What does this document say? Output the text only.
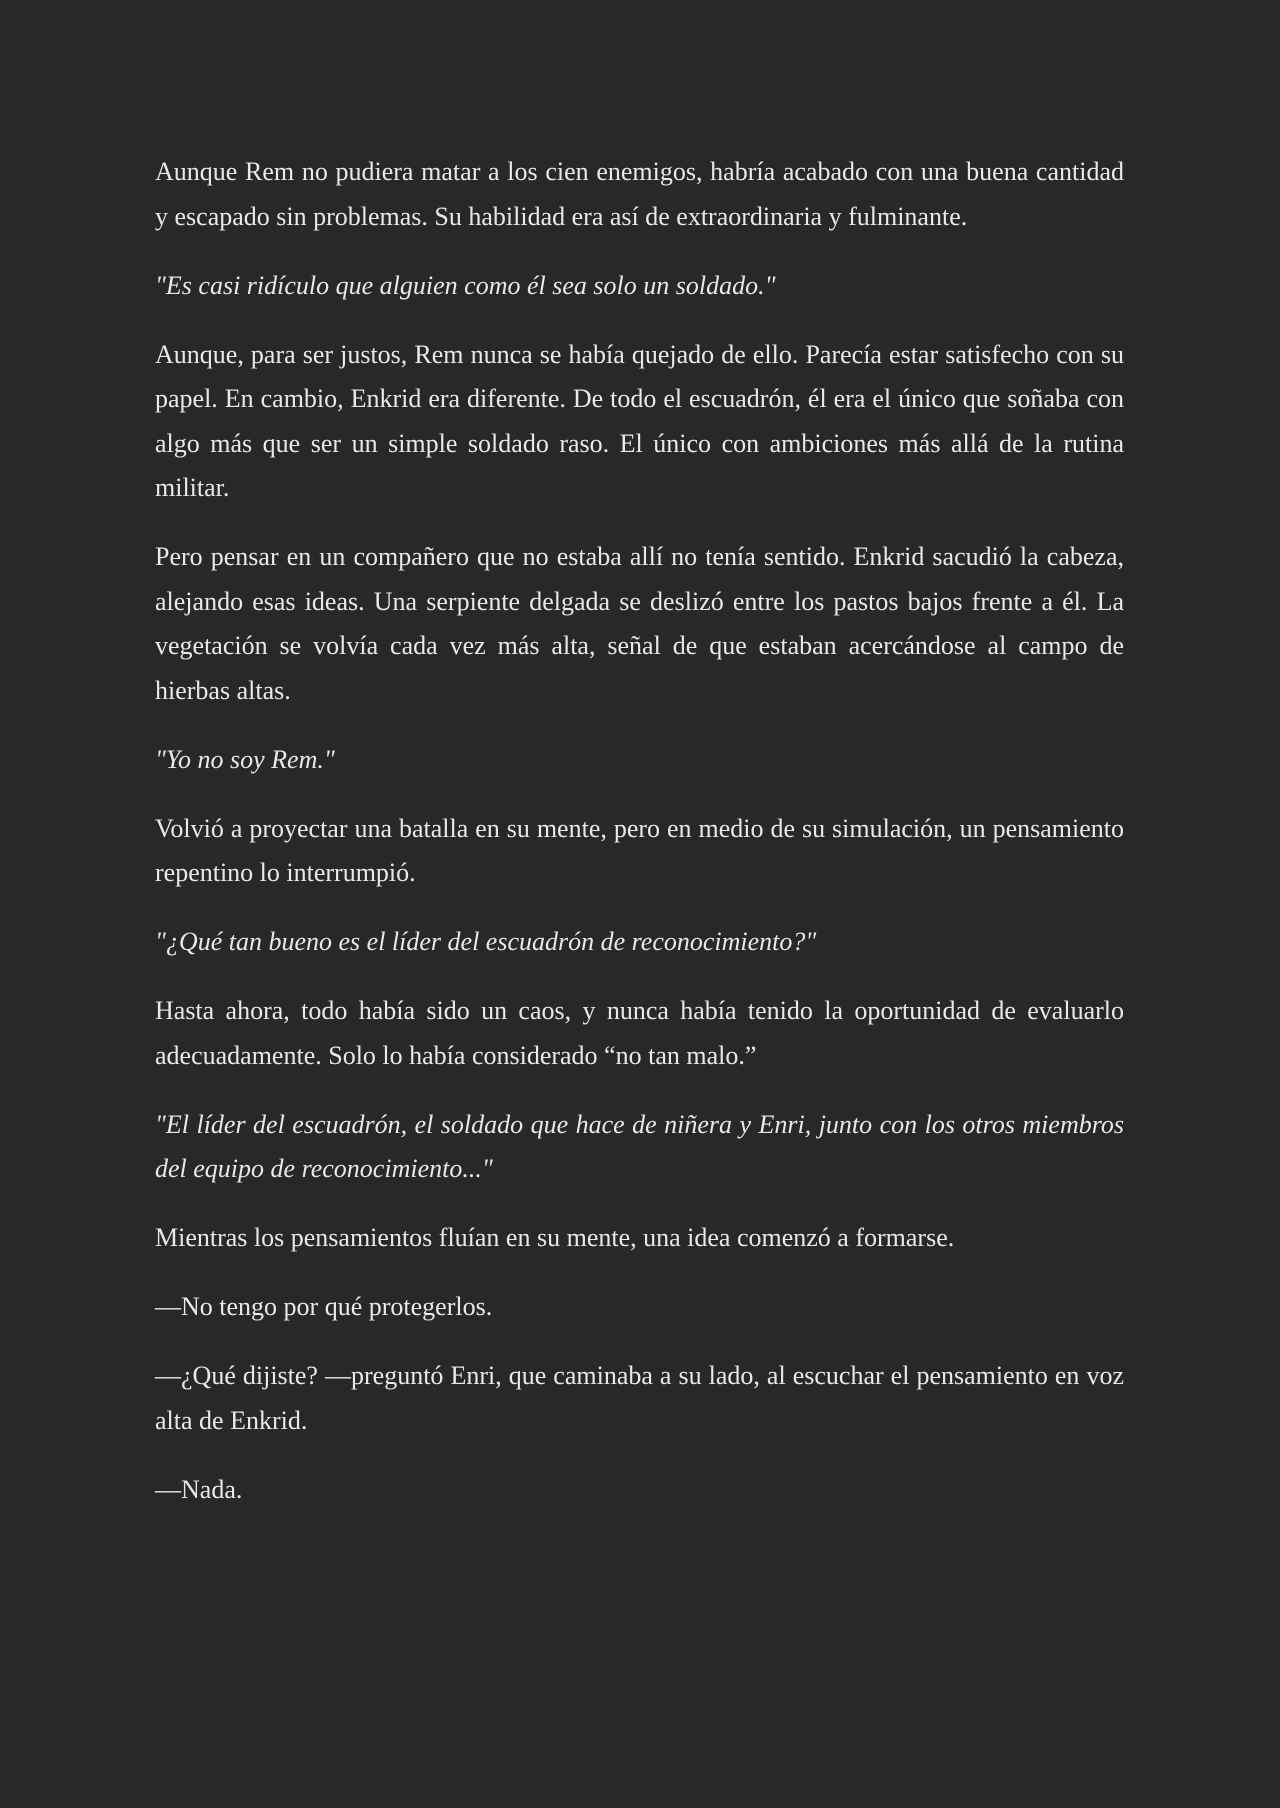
Aunque Rem no pudiera matar a los cien enemigos, habría acabado con una buena cantidad y escapado sin problemas. Su habilidad era así de extraordinaria y fulminante.

"Es casi ridículo que alguien como él sea solo un soldado."

Aunque, para ser justos, Rem nunca se había quejado de ello. Parecía estar satisfecho con su papel. En cambio, Enkrid era diferente. De todo el escuadrón, él era el único que soñaba con algo más que ser un simple soldado raso. El único con ambiciones más allá de la rutina militar.

Pero pensar en un compañero que no estaba allí no tenía sentido. Enkrid sacudió la cabeza, alejando esas ideas. Una serpiente delgada se deslizó entre los pastos bajos frente a él. La vegetación se volvía cada vez más alta, señal de que estaban acercándose al campo de hierbas altas.

"Yo no soy Rem."

Volvió a proyectar una batalla en su mente, pero en medio de su simulación, un pensamiento repentino lo interrumpió.

"¿Qué tan bueno es el líder del escuadrón de reconocimiento?"

Hasta ahora, todo había sido un caos, y nunca había tenido la oportunidad de evaluarlo adecuadamente. Solo lo había considerado “no tan malo.”

"El líder del escuadrón, el soldado que hace de niñera y Enri, junto con los otros miembros del equipo de reconocimiento..."

Mientras los pensamientos fluían en su mente, una idea comenzó a formarse.

—No tengo por qué protegerlos.

—¿Qué dijiste? —preguntó Enri, que caminaba a su lado, al escuchar el pensamiento en voz alta de Enkrid.

—Nada.
